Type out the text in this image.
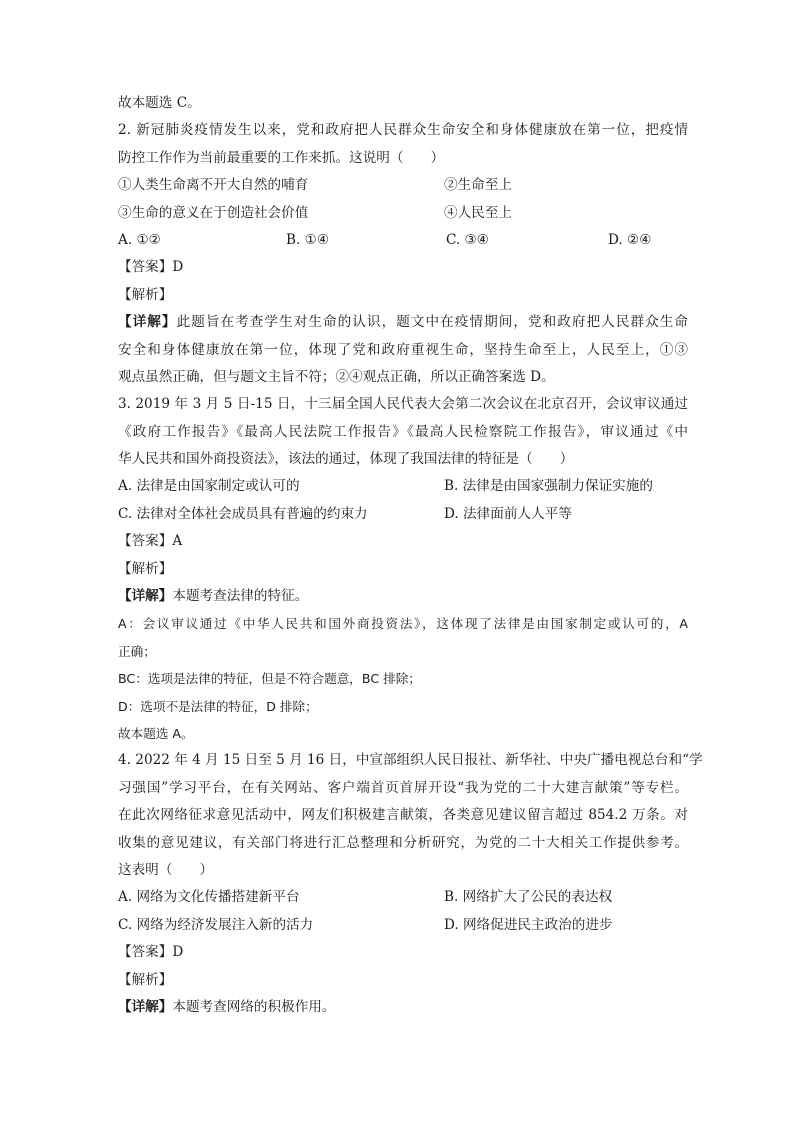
故本题选 C。
2. 新冠肺炎疫情发生以来，党和政府把人民群众生命安全和身体健康放在第一位，把疫情
防控工作作为当前最重要的工作来抓。这说明（　　）
①人类生命离不开大自然的哺育	②生命至上
③生命的意义在于创造社会价值	④人民至上
A. ①②	B. ①④	C. ③④	D. ②④
【答案】D
【解析】
【详解】此题旨在考查学生对生命的认识，题文中在疫情期间，党和政府把人民群众生命
安全和身体健康放在第一位，体现了党和政府重视生命，坚持生命至上，人民至上，①③
观点虽然正确，但与题文主旨不符；②④观点正确，所以正确答案选 D。
3. 2019 年 3 月 5 日-15 日，十三届全国人民代表大会第二次会议在北京召开，会议审议通过
《政府工作报告》《最高人民法院工作报告》《最高人民检察院工作报告》，审议通过《中
华人民共和国外商投资法》，该法的通过，体现了我国法律的特征是（　　）
A. 法律是由国家制定或认可的	B. 法律是由国家强制力保证实施的
C. 法律对全体社会成员具有普遍的约束力	D. 法律面前人人平等
【答案】A
【解析】
【详解】本题考查法律的特征。
A：会议审议通过《中华人民共和国外商投资法》，这体现了法律是由国家制定或认可的，A
正确；
BC：选项是法律的特征，但是不符合题意，BC 排除；
D：选项不是法律的特征，D 排除；
故本题选 A。
4. 2022 年 4 月 15 日至 5 月 16 日，中宣部组织人民日报社、新华社、中央广播电视总台和“学
习强国”学习平台，在有关网站、客户端首页首屏开设“我为党的二十大建言献策”等专栏。
在此次网络征求意见活动中，网友们积极建言献策，各类意见建议留言超过 854.2 万条。对
收集的意见建议，有关部门将进行汇总整理和分析研究，为党的二十大相关工作提供参考。
这表明（　　）
A. 网络为文化传播搭建新平台	B. 网络扩大了公民的表达权
C. 网络为经济发展注入新的活力	D. 网络促进民主政治的进步
【答案】D
【解析】
【详解】本题考查网络的积极作用。
